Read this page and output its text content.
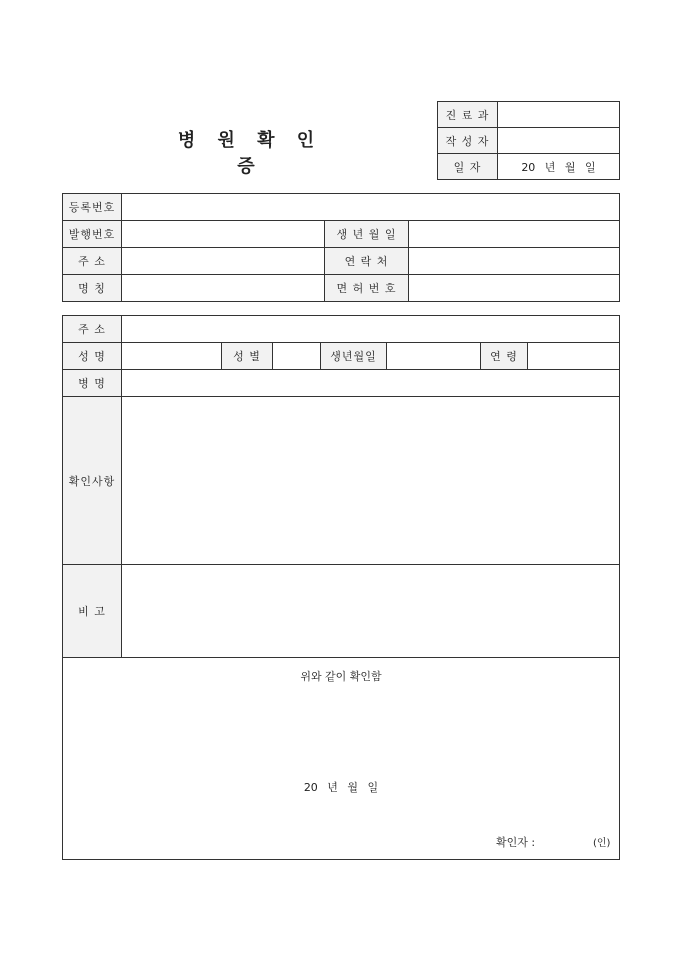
병 원 확 인 증
진 료 과	
작 성 자	
일 자	20 년 월 일
등록번호			
발행번호		생 년 월 일	
주 소		연 락 처	
명 칭		면 허 번 호	
주 소							
성 명		성 별		생년월일		연 령	
병 명							
확인사항							
비 고							

위와 같이 확인함
20 년 월 일
확인자 : (인)							
